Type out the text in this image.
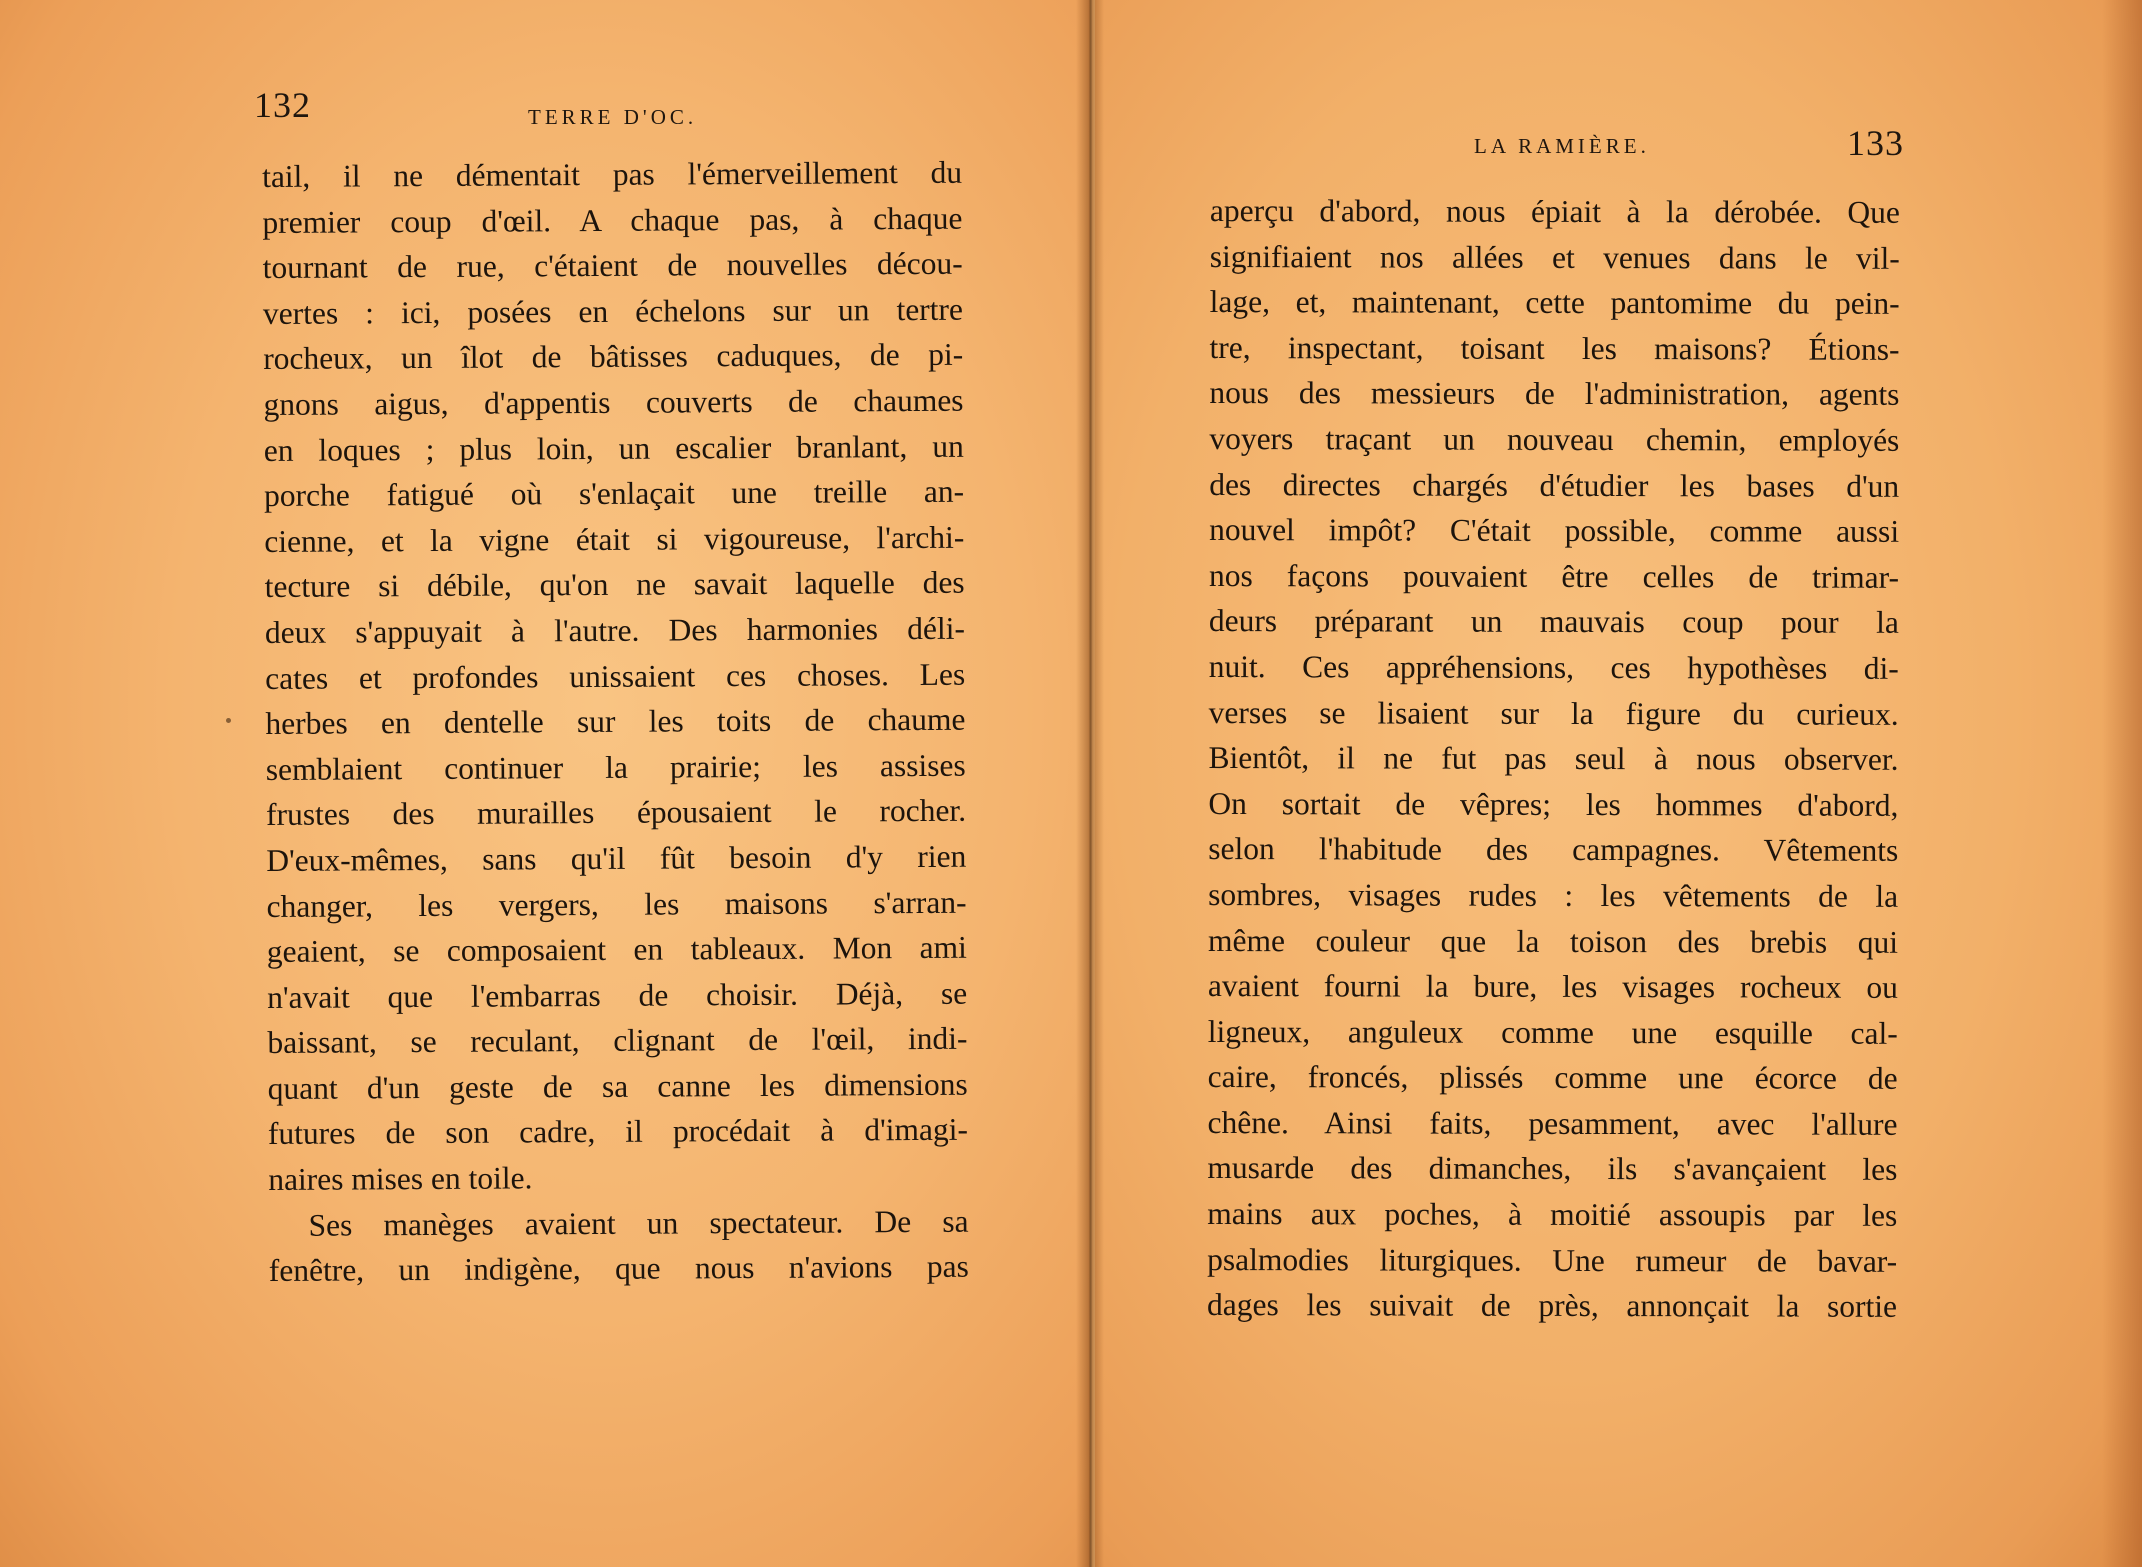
132	TERRE D'OC.
tail, il ne démentait pas l'émerveillement du
premier coup d'œil. A chaque pas, à chaque
tournant de rue, c'étaient de nouvelles décou-
vertes : ici, posées en échelons sur un tertre
rocheux, un îlot de bâtisses caduques, de pi-
gnons aigus, d'appentis couverts de chaumes
en loques ; plus loin, un escalier branlant, un
porche fatigué où s'enlaçait une treille an-
cienne, et la vigne était si vigoureuse, l'archi-
tecture si débile, qu'on ne savait laquelle des
deux s'appuyait à l'autre. Des harmonies déli-
cates et profondes unissaient ces choses. Les
herbes en dentelle sur les toits de chaume
semblaient continuer la prairie; les assises
frustes des murailles épousaient le rocher.
D'eux-mêmes, sans qu'il fût besoin d'y rien
changer, les vergers, les maisons s'arran-
geaient, se composaient en tableaux. Mon ami
n'avait que l'embarras de choisir. Déjà, se
baissant, se reculant, clignant de l'œil, indi-
quant d'un geste de sa canne les dimensions
futures de son cadre, il procédait à d'imagi-
naires mises en toile.
Ses manèges avaient un spectateur. De sa
fenêtre, un indigène, que nous n'avions pas
LA RAMIÈRE.	133
aperçu d'abord, nous épiait à la dérobée. Que
signifiaient nos allées et venues dans le vil-
lage, et, maintenant, cette pantomime du pein-
tre, inspectant, toisant les maisons? Étions-
nous des messieurs de l'administration, agents
voyers traçant un nouveau chemin, employés
des directes chargés d'étudier les bases d'un
nouvel impôt? C'était possible, comme aussi
nos façons pouvaient être celles de trimar-
deurs préparant un mauvais coup pour la
nuit. Ces appréhensions, ces hypothèses di-
verses se lisaient sur la figure du curieux.
Bientôt, il ne fut pas seul à nous observer.
On sortait de vêpres; les hommes d'abord,
selon l'habitude des campagnes. Vêtements
sombres, visages rudes : les vêtements de la
même couleur que la toison des brebis qui
avaient fourni la bure, les visages rocheux ou
ligneux, anguleux comme une esquille cal-
caire, froncés, plissés comme une écorce de
chêne. Ainsi faits, pesamment, avec l'allure
musarde des dimanches, ils s'avançaient les
mains aux poches, à moitié assoupis par les
psalmodies liturgiques. Une rumeur de bavar-
dages les suivait de près, annonçait la sortie
